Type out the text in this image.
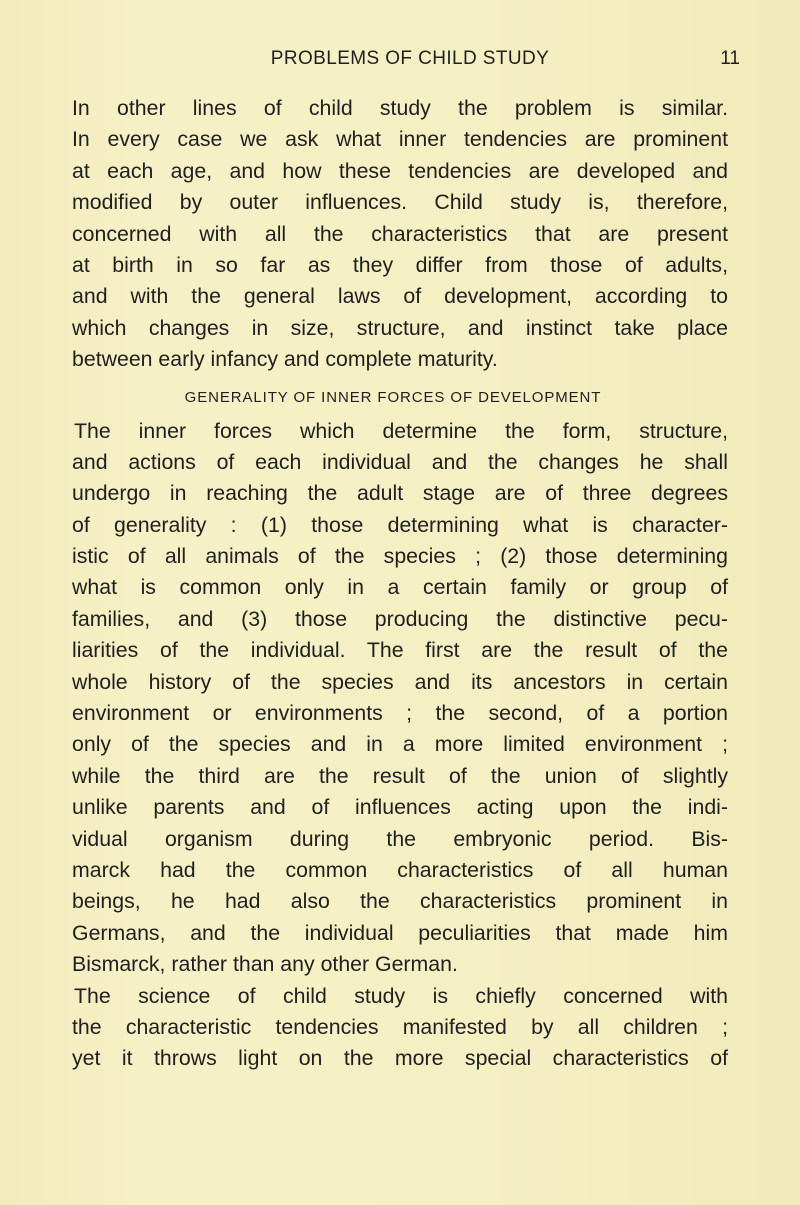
PROBLEMS OF CHILD STUDY	11
In other lines of child study the problem is similar.
In every case we ask what inner tendencies are prominent
at each age, and how these tendencies are developed and
modified by outer influences. Child study is, therefore,
concerned with all the characteristics that are present
at birth in so far as they differ from those of adults,
and with the general laws of development, according to
which changes in size, structure, and instinct take place
between early infancy and complete maturity.
GENERALITY OF INNER FORCES OF DEVELOPMENT
The inner forces which determine the form, structure,
and actions of each individual and the changes he shall
undergo in reaching the adult stage are of three degrees
of generality : (1) those determining what is character-
istic of all animals of the species ; (2) those determining
what is common only in a certain family or group of
families, and (3) those producing the distinctive pecu-
liarities of the individual. The first are the result of the
whole history of the species and its ancestors in certain
environment or environments ; the second, of a portion
only of the species and in a more limited environment ;
while the third are the result of the union of slightly
unlike parents and of influences acting upon the indi-
vidual organism during the embryonic period. Bis-
marck had the common characteristics of all human
beings, he had also the characteristics prominent in
Germans, and the individual peculiarities that made him
Bismarck, rather than any other German.
The science of child study is chiefly concerned with
the characteristic tendencies manifested by all children ;
yet it throws light on the more special characteristics of
